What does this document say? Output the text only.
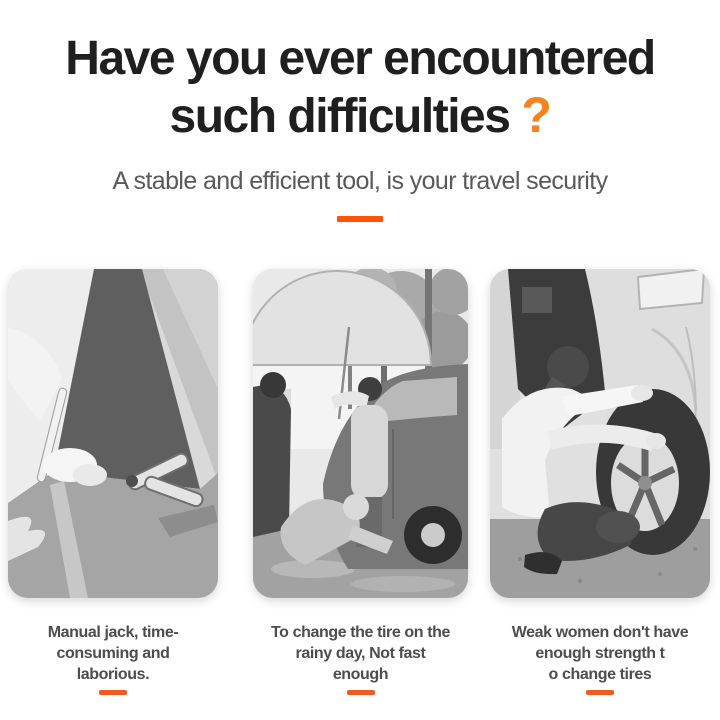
Have you ever encountered
such difficulties ?

A stable and efficient tool, is your travel security

Manual jack, time-
consuming and
laborious.
To change the tire on the
rainy day, Not fast
enough
Weak women don't have
enough strength t
o change tires
